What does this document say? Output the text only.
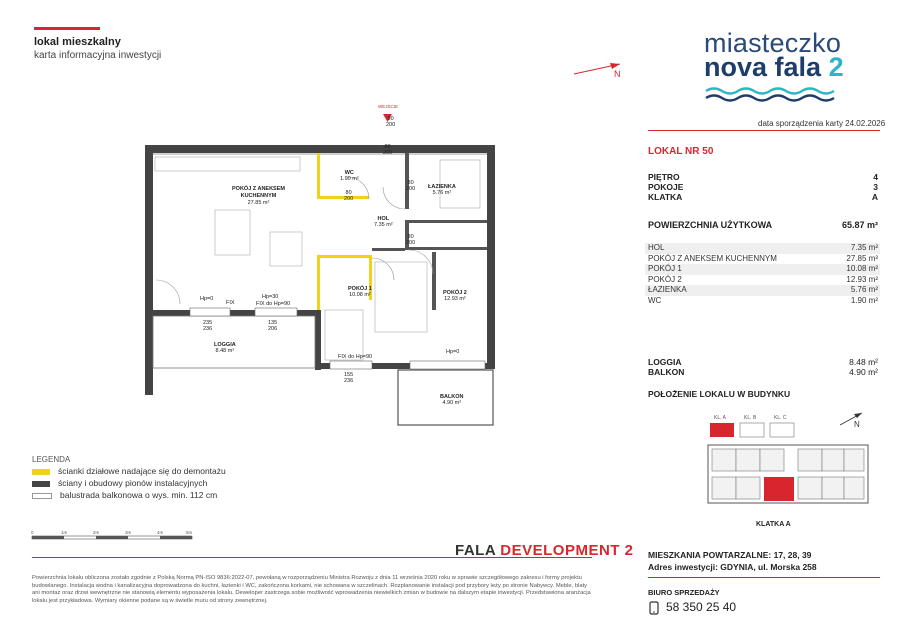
lokal mieszkalny
karta informacyjna inwestycji
N
miasteczko
nova fala 2
data sporządzenia karty 24.02.2026
LOKAL NR 50
PIĘTRO	4
POKOJE	3
KLATKA	A
POWIERZCHNIA UŻYTKOWA	65.87 m²
HOL	7.35 m²
POKÓJ Z ANEKSEM KUCHENNYM	27.85 m²
POKÓJ 1	10.08 m²
POKÓJ 2	12.93 m²
ŁAZIENKA	5.76 m²
WC	1.90 m²
LOGGIA	8.48 m²
BALKON	4.90 m²
POŁOŻENIE LOKALU W BUDYNKU
KL. A	KL. B	KL. C
N
KLATKA A
WEJŚCIE
POKÓJ Z ANEKSEM
KUCHENNYM
27.85 m²
WC
1.90 m²
ŁAZIENKA
5.76 m²
HOL
7.35 m²
POKÓJ 1
10.08 m²	POKÓJ 2
12.93 m²
LOGGIA
8.48 m²
BALKON
4.90 m²
Hp=0
FIX
Hp=30
FIX do Hp=90
Hp=0
FIX do Hp=90
80
200
80
200
80
200
80
200
90
200
235
236
135
206
155
236
LEGENDA
ścianki działowe nadające się do demontażu
ściany i obudowy pionów instalacyjnych
balustrada balkonowa o wys. min. 112 cm
0	1m	2m	3m	4m	5m
FALA DEVELOPMENT 2
Powierzchnia lokalu obliczona zostało zgodnie z Polską Normą PN-ISO 9836:2022-07, pewołaną w rozporządzeniu Ministra Rozwoju z dnia 11 września 2020 roku w sprawie szczegółowego zakresu i formy projektu budowlanego. Instalacja wodna i kanalizacyjna doprowadzona do kuchni, łazienki i WC, zakończona korkami, nie schowana w szczelinach. Rozplanowanie instalacji pod przybory leży po stronie Nabywcy. Meble, blaty ani montaż oraz drzwi wewnętrzne nie stanowią elementu wyposażenia lokalu. Deweloper zastrzega sobie możliwość wprowadzenia niewielkich zmian w budowie na dalszym etapie inwestycji. Przedstawiona aranżacja lokalu jest przykładowa. Wymiary okienne podane są w świetle muru od strony zewnętrznej.
MIESZKANIA POWTARZALNE: 17, 28, 39
Adres inwestycji: GDYNIA, ul. Morska 258
BIURO SPRZEDAŻY
58 350 25 40
